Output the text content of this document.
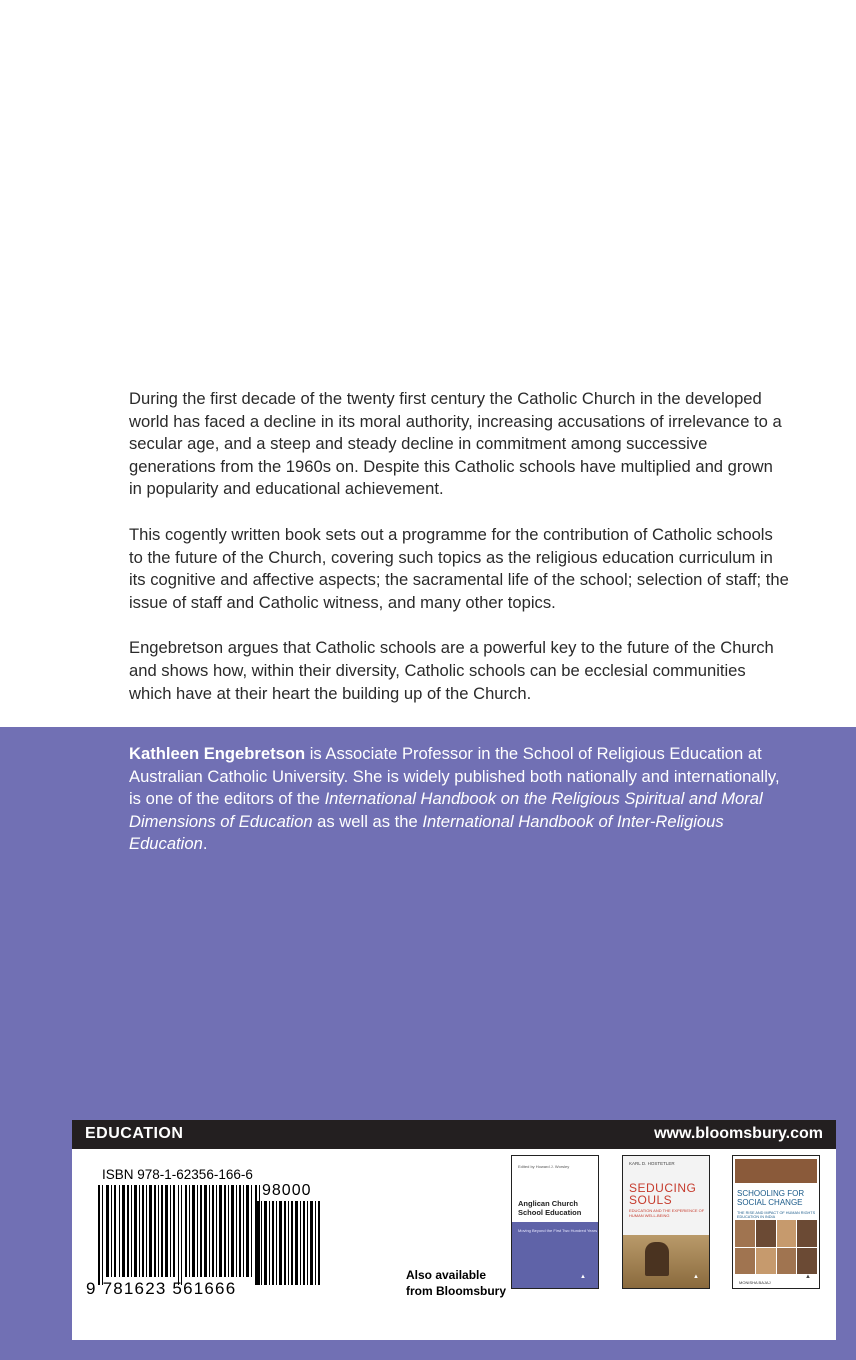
During the first decade of the twenty first century the Catholic Church in the developed world has faced a decline in its moral authority, increasing accusations of irrelevance to a secular age, and a steep and steady decline in commitment among successive generations from the 1960s on. Despite this Catholic schools have multiplied and grown in popularity and educational achievement.

This cogently written book sets out a programme for the contribution of Catholic schools to the future of the Church, covering such topics as the religious education curriculum in its cognitive and affective aspects; the sacramental life of the school; selection of staff; the issue of staff and Catholic witness, and many other topics.

Engebretson argues that Catholic schools are a powerful key to the future of the Church and shows how, within their diversity, Catholic schools can be ecclesial communities which have at their heart the building up of the Church.

Kathleen Engebretson is Associate Professor in the School of Religious Education at Australian Catholic University. She is widely published both nationally and internationally, is one of the editors of the International Handbook on the Religious Spiritual and Moral Dimensions of Education as well as the International Handbook of Inter-Religious Education.
EDUCATION	www.bloomsbury.com
ISBN 978-1-62356-166-6
98000
9 781623 561666
Also available
from Bloomsbury
Edited by Howard J. Worsley
Anglican Church School Education
Moving Beyond the First Two Hundred Years
▲
KARL D. HOSTETLER
SEDUCING SOULS
EDUCATION AND THE EXPERIENCE OF HUMAN WELL-BEING
▲
SCHOOLING FOR SOCIAL CHANGE
THE RISE AND IMPACT OF HUMAN RIGHTS EDUCATION IN INDIA
MONISHA BAJAJ
▲
